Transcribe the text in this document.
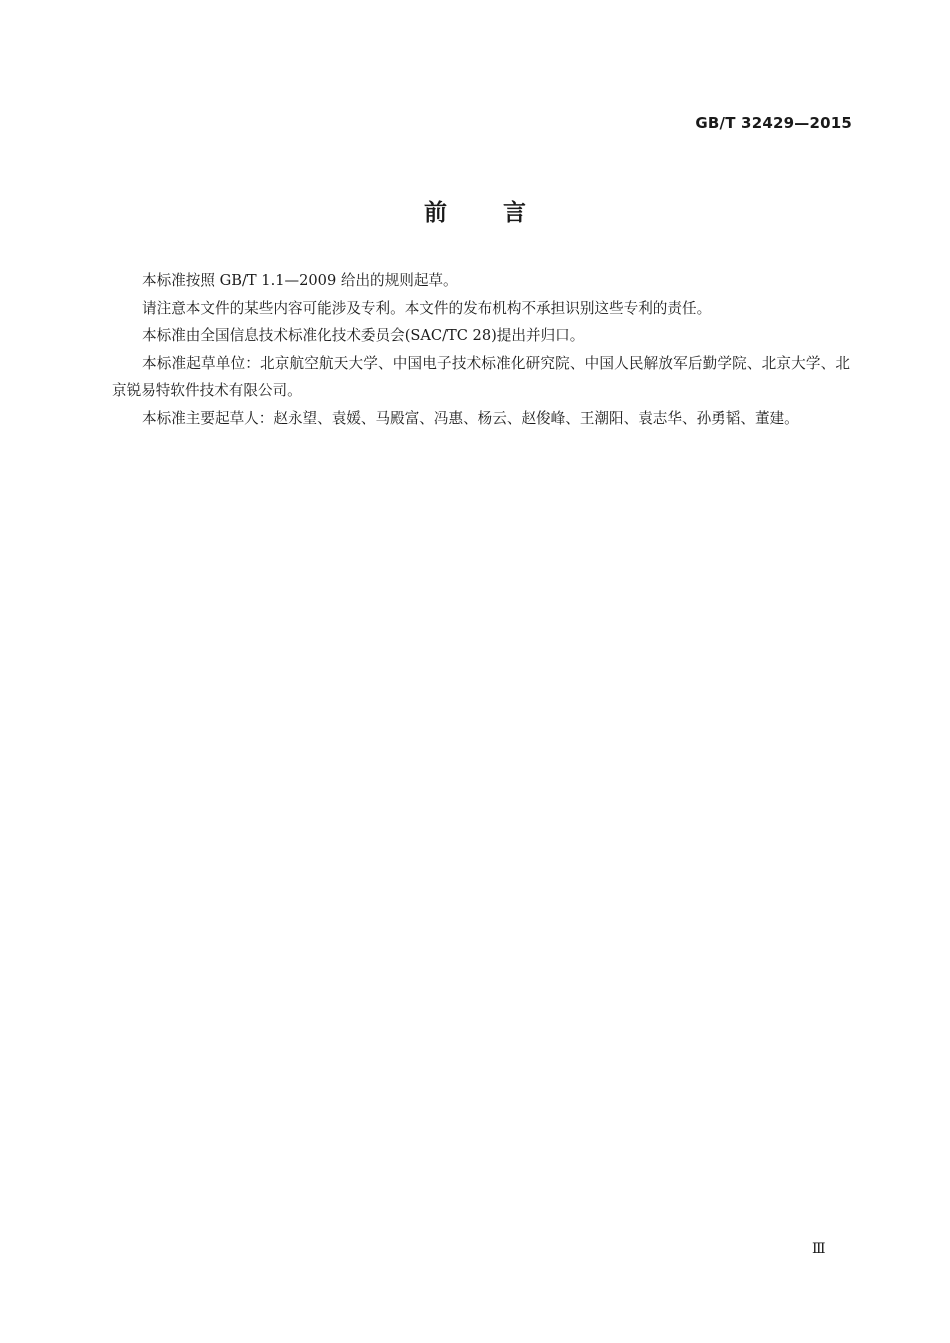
GB/T 32429—2015
前言

本标准按照 GB/T 1.1—2009 给出的规则起草。

请注意本文件的某些内容可能涉及专利。本文件的发布机构不承担识别这些专利的责任。

本标准由全国信息技术标准化技术委员会(SAC/TC 28)提出并归口。

本标准起草单位：北京航空航天大学、中国电子技术标准化研究院、中国人民解放军后勤学院、北京大学、北京锐易特软件技术有限公司。

本标准主要起草人：赵永望、袁媛、马殿富、冯惠、杨云、赵俊峰、王潮阳、袁志华、孙勇韬、董建。

Ⅲ
